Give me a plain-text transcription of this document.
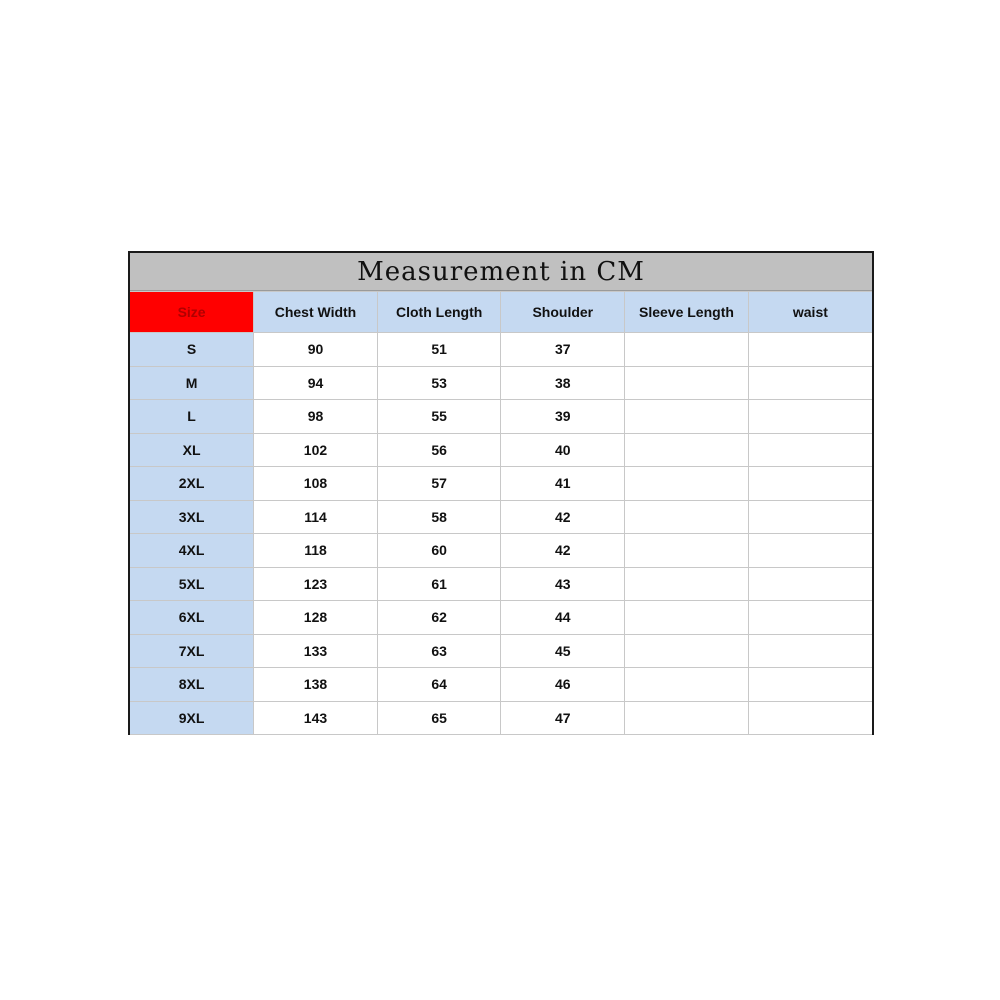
Measurement in CM
Size	Chest Width	Cloth Length	Shoulder	Sleeve Length	waist
S	90	51	37		
M	94	53	38		
L	98	55	39		
XL	102	56	40		
2XL	108	57	41		
3XL	114	58	42		
4XL	118	60	42		
5XL	123	61	43		
6XL	128	62	44		
7XL	133	63	45		
8XL	138	64	46		
9XL	143	65	47		
